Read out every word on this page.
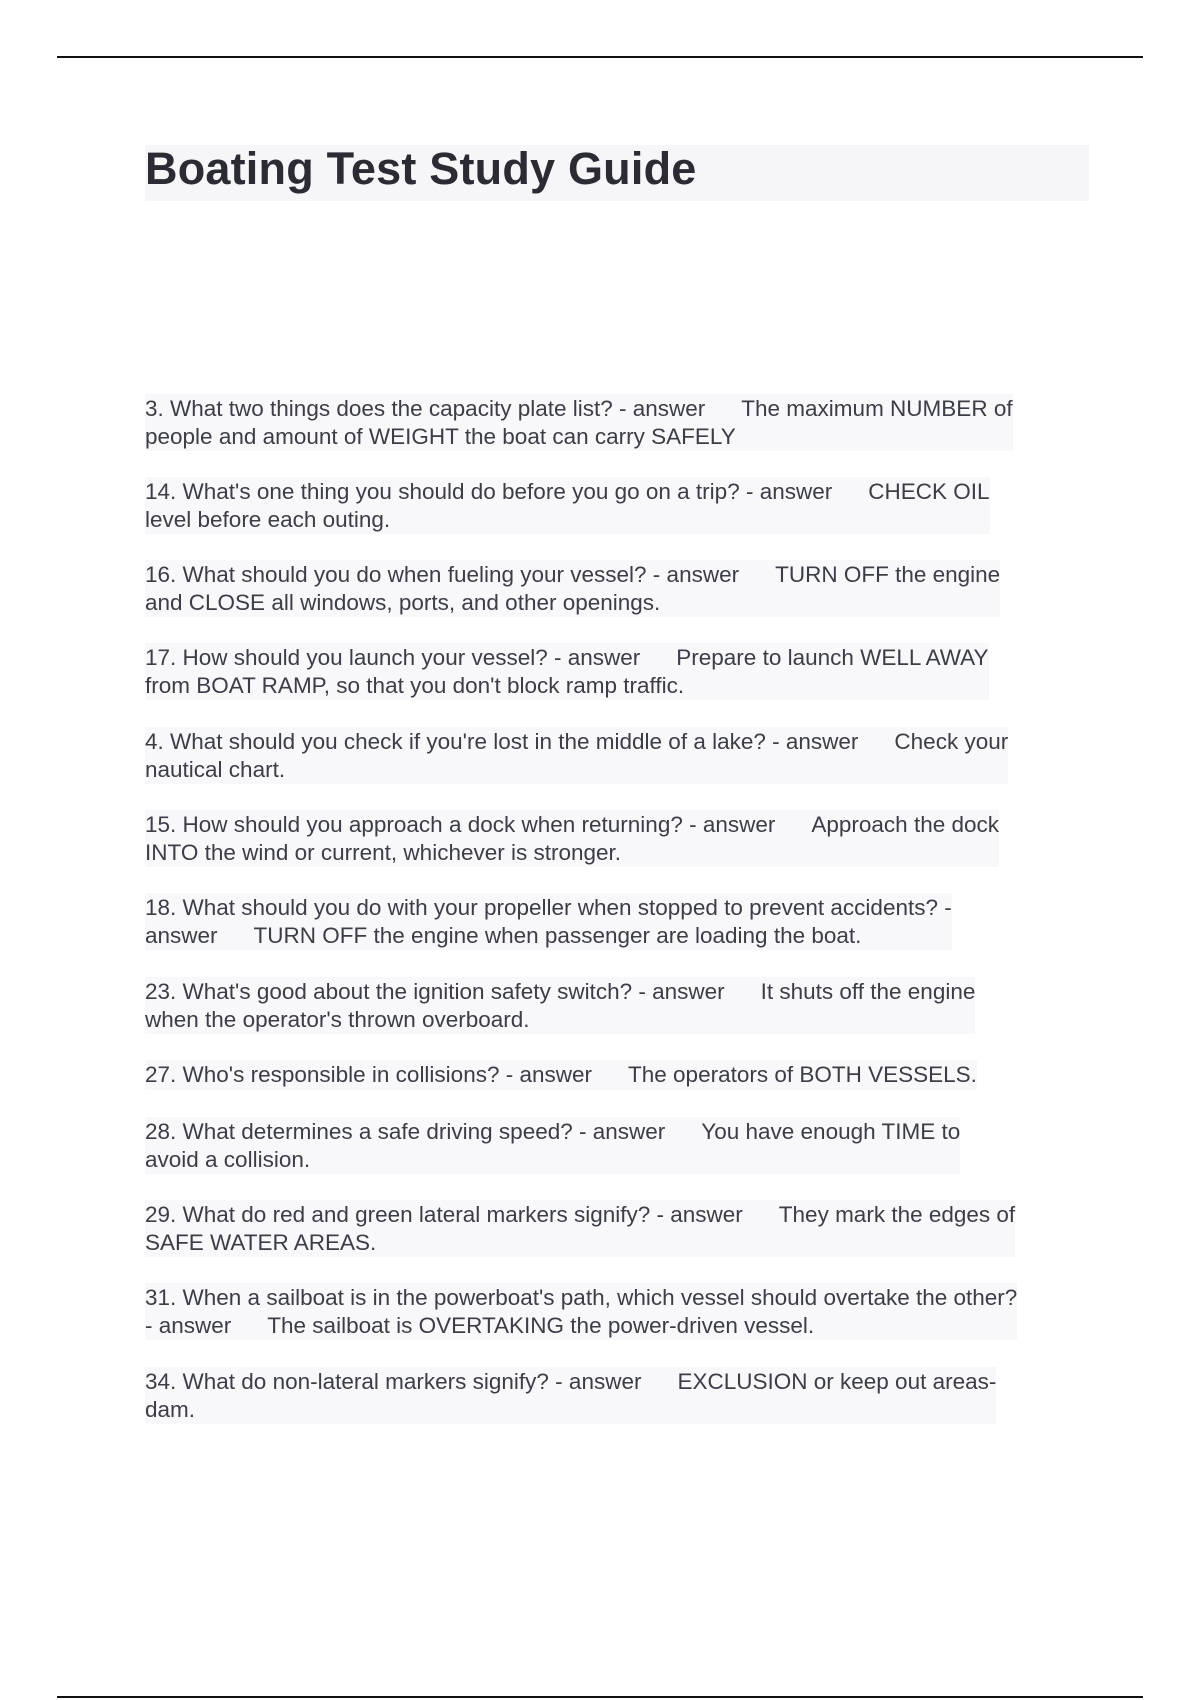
Boating Test Study Guide

3. What two things does the capacity plate list? - answer The maximum NUMBER of
people and amount of WEIGHT the boat can carry SAFELY

14. What's one thing you should do before you go on a trip? - answer CHECK OIL
level before each outing.

16. What should you do when fueling your vessel? - answer TURN OFF the engine
and CLOSE all windows, ports, and other openings.

17. How should you launch your vessel? - answer Prepare to launch WELL AWAY
from BOAT RAMP, so that you don't block ramp traffic.

4. What should you check if you're lost in the middle of a lake? - answer Check your
nautical chart.

15. How should you approach a dock when returning? - answer Approach the dock
INTO the wind or current, whichever is stronger.

18. What should you do with your propeller when stopped to prevent accidents? -
answer TURN OFF the engine when passenger are loading the boat.

23. What's good about the ignition safety switch? - answer It shuts off the engine
when the operator's thrown overboard.

27. Who's responsible in collisions? - answer The operators of BOTH VESSELS.

28. What determines a safe driving speed? - answer You have enough TIME to
avoid a collision.

29. What do red and green lateral markers signify? - answer They mark the edges of
SAFE WATER AREAS.

31. When a sailboat is in the powerboat's path, which vessel should overtake the other?
- answer The sailboat is OVERTAKING the power-driven vessel.

34. What do non-lateral markers signify? - answer EXCLUSION or keep out areas-
dam.
